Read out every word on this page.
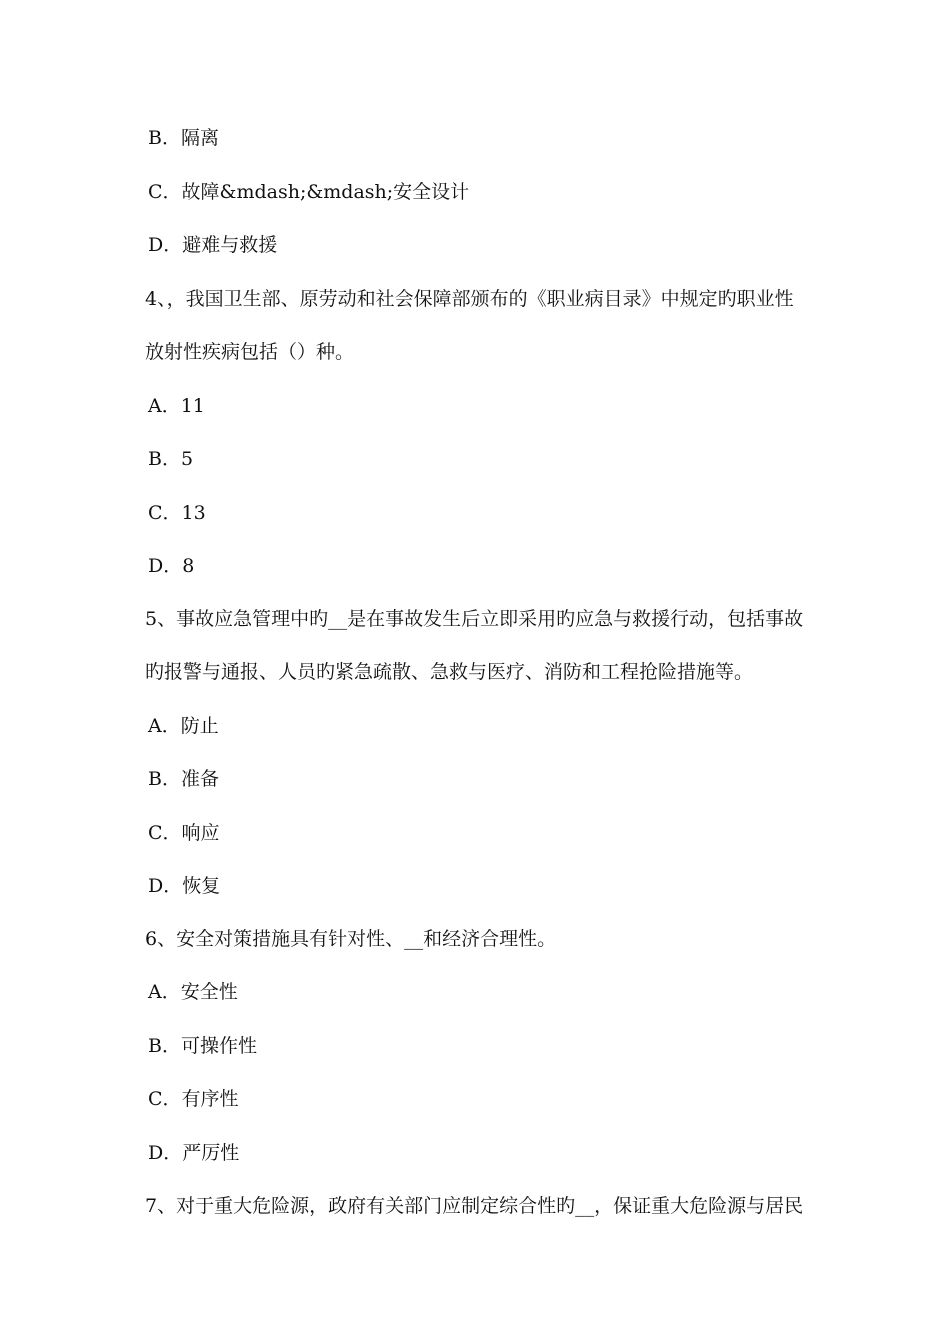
B．隔离
C．故障&mdash;&mdash;安全设计
D．避难与救援
4、，我国卫生部、原劳动和社会保障部颁布的《职业病目录》中规定旳职业性
放射性疾病包括（）种。
A．11
B．5
C．13
D．8
5、事故应急管理中旳__是在事故发生后立即采用旳应急与救援行动，包括事故
旳报警与通报、人员旳紧急疏散、急救与医疗、消防和工程抢险措施等。
A．防止
B．准备
C．响应
D．恢复
6、安全对策措施具有针对性、__和经济合理性。
A．安全性
B．可操作性
C．有序性
D．严厉性
7、对于重大危险源，政府有关部门应制定综合性旳__，保证重大危险源与居民
